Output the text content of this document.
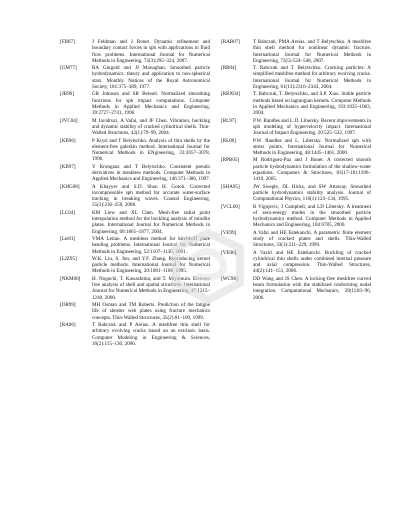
[FB07]	J Feldman and J Bonet. Dynamic refinement and boundary contact forces in sph with applications in fluid flow problems. International Journal for Numerical Methods in Engineering, 72(3):295–324, 2007.
[GM77]	RA Gingold and JJ Monaghan. Smoothed particle hydrodynamics: theory and application to non-spherical stars. Monthly Notices of the Royal Astronomical Society, 181:375–389, 1977.
[JB96]	GR Johnson and SR Beissel. Normalized smoothing functions for sph impact computations. Computer Methods in Applied Mechanics and Engineering, 39:2727–2741, 1996.
[JVC04]	M Javidruzi, A Vafai, and JF Chen. Vibration, buckling and dynamic stability of cracked cylindrical shells. Thin-Walled Structures, 42(1):79–99, 2004.
[KB96]	P Krysl and T Belytschko. Analysis of thin shells by the element-free galerkin method. International Journal for Numerical Methods in ENgineering, 33:3057–3078, 1996.
[KB97]	Y Krongauz and T Belytschko. Consistent pseudo derivatives in meshless methods. Computer Methods in Applied Mechanics and Engineering, 146:371–386, 1997.
[KHG08]	A Khayyer and S.D. Shao H. Gotoh. Corrected incompressible sph method for accurate water-surface tracking in breaking waves. Coastal Engineering, 55(3):236–250, 2008.
[LC04]	KM Liew and XL Chen. Mesh-free radial point interpolation method for the buckling analysis of mindlin plates. International Journal for Numerical Methods in Engineering, 60:1861–1877, 2004.
[Lei01]	VMA Leitao. A meshless method for kirchhoff plate bending problems. International Journal for Numerical Methods in Engineering, 52:1107–1130, 2001.
[LJZ95]	W.K. Liu, S. Jun, and Y.F. Zhang. Reproducing kernel particle methods. International Journal for Numerical Methods in Engineering, 20:1081–1106, 1995.
[NKM00]	H. Noguchi, T. Kawashima, and T. Miyamura. Element free analysis of shell and spatial structures. International Journal for Numerical Methods in Engineering, 47:1215–1240, 2000.
[OR99]	MH Osman and TM Roberts. Prediction of the fatigue life of slender web plates using fracture mechanics concepts. Thin-Walled Structures, 35(2):81–100, 1999.
[RA06]	T Rabczuk and P Areias. A meshfree thin shell for arbitrary evolving cracks based on an extrinsic basis. Computer Modeling in Engineering & Sciences, 16(2):115–130, 2006.
[RAB07]	T Rabczuk, PMA Areias, and T Belytschko. A meshfree thin shell method for nonlinear dynamic fracture. International Journal for Numerical Methods in Engineering, 72(5):524–548, 2007.
[RB04]	T. Rabczuk and T. Belytschko. Cracking particles: A simplified meshfree method for arbitrary evolving cracks. International Journal for Numerical Methods in Engineering, 61(13):2316–2343, 2004.
[RBX04]	T. Rabczuk, T. Belytschko, and S.P. Xiao. Stable particle methods based on lagrangian kernels. Computer Methods in Applied Mechanics and Engineering, 193:1035–1063, 2004.
[RL97]	P.W. Randles and L.D. Libersky. Recent improvements in sph modeling of hypervelocity impact. International Journal of Impact Engineering, 20:525–532, 1997.
[RL00]	P.W. Randles and L. Libersky. Normalized sph with stress points. International Journal for Numerical Methods in Engineering, 48:1445–1461, 2000.
[RPB05]	M Rodriguez-Paz and J Bonet. A corrected smooth particle hydrodynamics formulation of the shallow-water equations. Computers & Structures, 83(17-18):1396–1410, 2005.
[SHA95]	JW Swegle, DL Hicks, and SW Attaway. Smoothed particle hydrodynamics stability analysis. Journal of Computational Physics, 116(1):123–134, 1995.
[VCL00]	R Vignjevic, J Campbell, and LD Libersky. A treatment of zero-energy modes in the smoothed particle hydrodynamics method. Computer Methods in Applied Mechanics and Engineering, 184:6785, 2000.
[VE99]	A Vafai and HE Estekanchi. A parametric finite element study of cracked plates and shells. Thin-Walled Structures, 33(3):211–229, 1999.
[VE06]	A Vaziri and HE Estekanchi. Buckling of cracked cylindrical thin shells under combined internal pressure and axial compression. Thin-Walled Structures, 44(2):141–151, 2006.
[WC96]	DD Wang and JS Chen. A locking-free meshfree curved beam formulation with the stabilized conforming nodal integration. Computational Mechanics, 39(1):83–90, 2006.
